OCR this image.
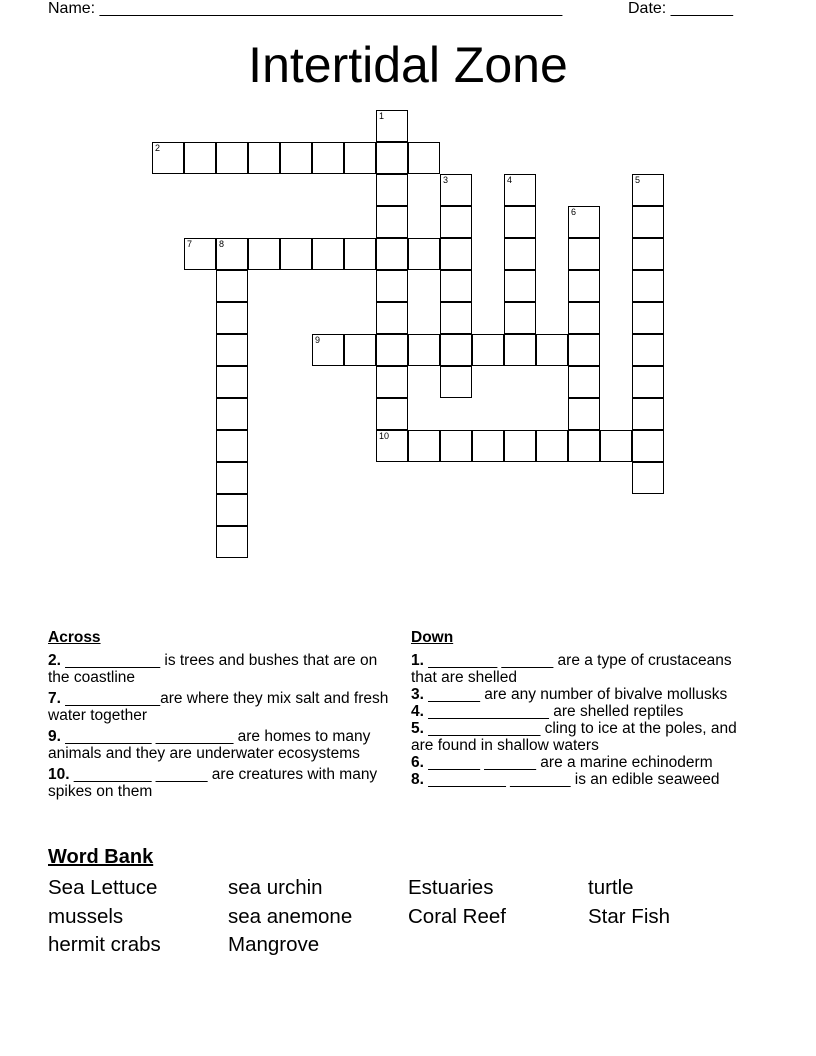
Name: ____________________________________________________	Date: _______
Intertidal Zone
1
10
2
3	4	5
6
7	8
9
Across
2. ___________ is trees and bushes that are on the coastline
7. ___________are where they mix salt and fresh water together
9. __________ _________ are homes to many animals and they are underwater ecosystems
10. _________ ______ are creatures with many spikes on them
Down
1. ________ ______ are a type of crustaceans that are shelled
3. ______ are any number of bivalve mollusks
4. ______________ are shelled reptiles
5. _____________ cling to ice at the poles, and are found in shallow waters
6. ______ ______ are a marine echinoderm
8. _________ _______ is an edible seaweed
Word Bank
Sea Lettuce	sea urchin	Estuaries	turtle
mussels	sea anemone	Coral Reef	Star Fish
hermit crabs	Mangrove
